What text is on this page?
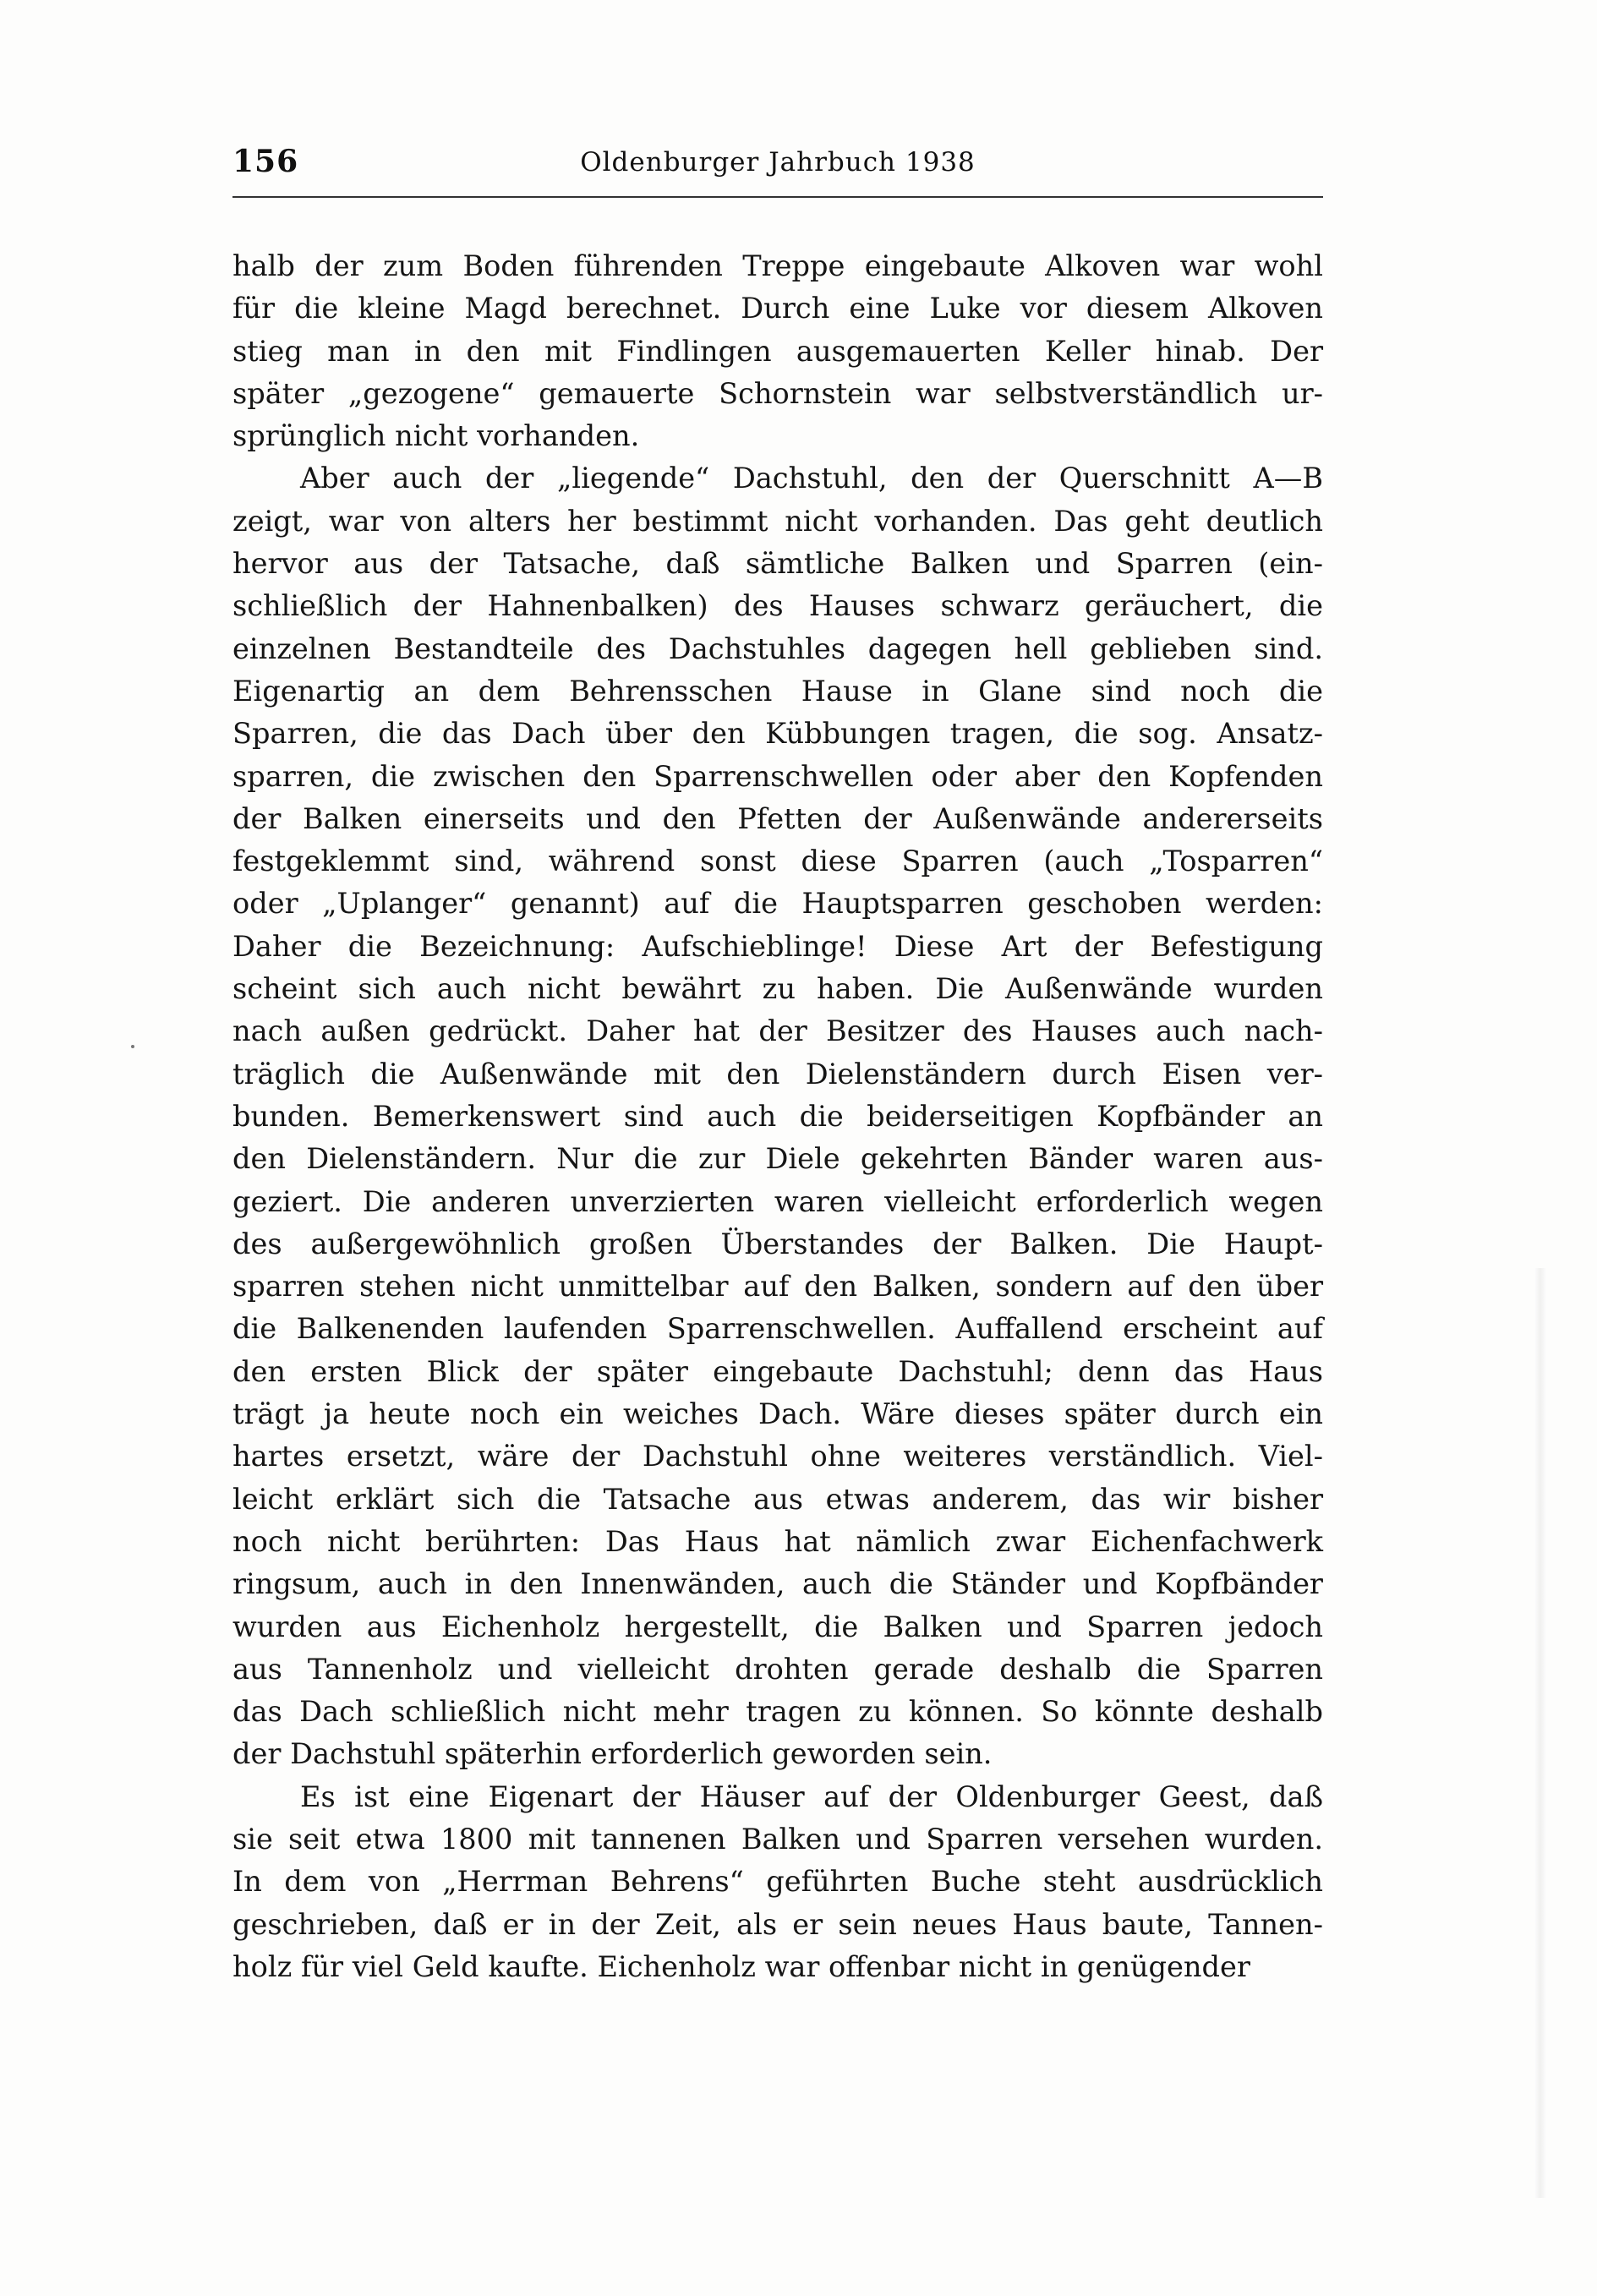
156	Oldenburger Jahrbuch 1938
halb der zum Boden führenden Treppe eingebaute Alkoven war wohl
für die kleine Magd berechnet. Durch eine Luke vor diesem Alkoven
stieg man in den mit Findlingen ausgemauerten Keller hinab. Der
später „gezogene“ gemauerte Schornstein war selbstverständlich ur-
sprünglich nicht vorhanden.
Aber auch der „liegende“ Dachstuhl, den der Querschnitt A—B
zeigt, war von alters her bestimmt nicht vorhanden. Das geht deutlich
hervor aus der Tatsache, daß sämtliche Balken und Sparren (ein-
schließlich der Hahnenbalken) des Hauses schwarz geräuchert, die
einzelnen Bestandteile des Dachstuhles dagegen hell geblieben sind.
Eigenartig an dem Behrensschen Hause in Glane sind noch die
Sparren, die das Dach über den Kübbungen tragen, die sog. Ansatz-
sparren, die zwischen den Sparrenschwellen oder aber den Kopfenden
der Balken einerseits und den Pfetten der Außenwände andererseits
festgeklemmt sind, während sonst diese Sparren (auch „Tosparren“
oder „Uplanger“ genannt) auf die Hauptsparren geschoben werden:
Daher die Bezeichnung: Aufschieblinge! Diese Art der Befestigung
scheint sich auch nicht bewährt zu haben. Die Außenwände wurden
nach außen gedrückt. Daher hat der Besitzer des Hauses auch nach-
träglich die Außenwände mit den Dielenständern durch Eisen ver-
bunden. Bemerkenswert sind auch die beiderseitigen Kopfbänder an
den Dielenständern. Nur die zur Diele gekehrten Bänder waren aus-
geziert. Die anderen unverzierten waren vielleicht erforderlich wegen
des außergewöhnlich großen Überstandes der Balken. Die Haupt-
sparren stehen nicht unmittelbar auf den Balken, sondern auf den über
die Balkenenden laufenden Sparrenschwellen. Auffallend erscheint auf
den ersten Blick der später eingebaute Dachstuhl; denn das Haus
trägt ja heute noch ein weiches Dach. Wäre dieses später durch ein
hartes ersetzt, wäre der Dachstuhl ohne weiteres verständlich. Viel-
leicht erklärt sich die Tatsache aus etwas anderem, das wir bisher
noch nicht berührten: Das Haus hat nämlich zwar Eichenfachwerk
ringsum, auch in den Innenwänden, auch die Ständer und Kopfbänder
wurden aus Eichenholz hergestellt, die Balken und Sparren jedoch
aus Tannenholz und vielleicht drohten gerade deshalb die Sparren
das Dach schließlich nicht mehr tragen zu können. So könnte deshalb
der Dachstuhl späterhin erforderlich geworden sein.
Es ist eine Eigenart der Häuser auf der Oldenburger Geest, daß
sie seit etwa 1800 mit tannenen Balken und Sparren versehen wurden.
In dem von „Herrman Behrens“ geführten Buche steht ausdrücklich
geschrieben, daß er in der Zeit, als er sein neues Haus baute, Tannen-
holz für viel Geld kaufte. Eichenholz war offenbar nicht in genügender
